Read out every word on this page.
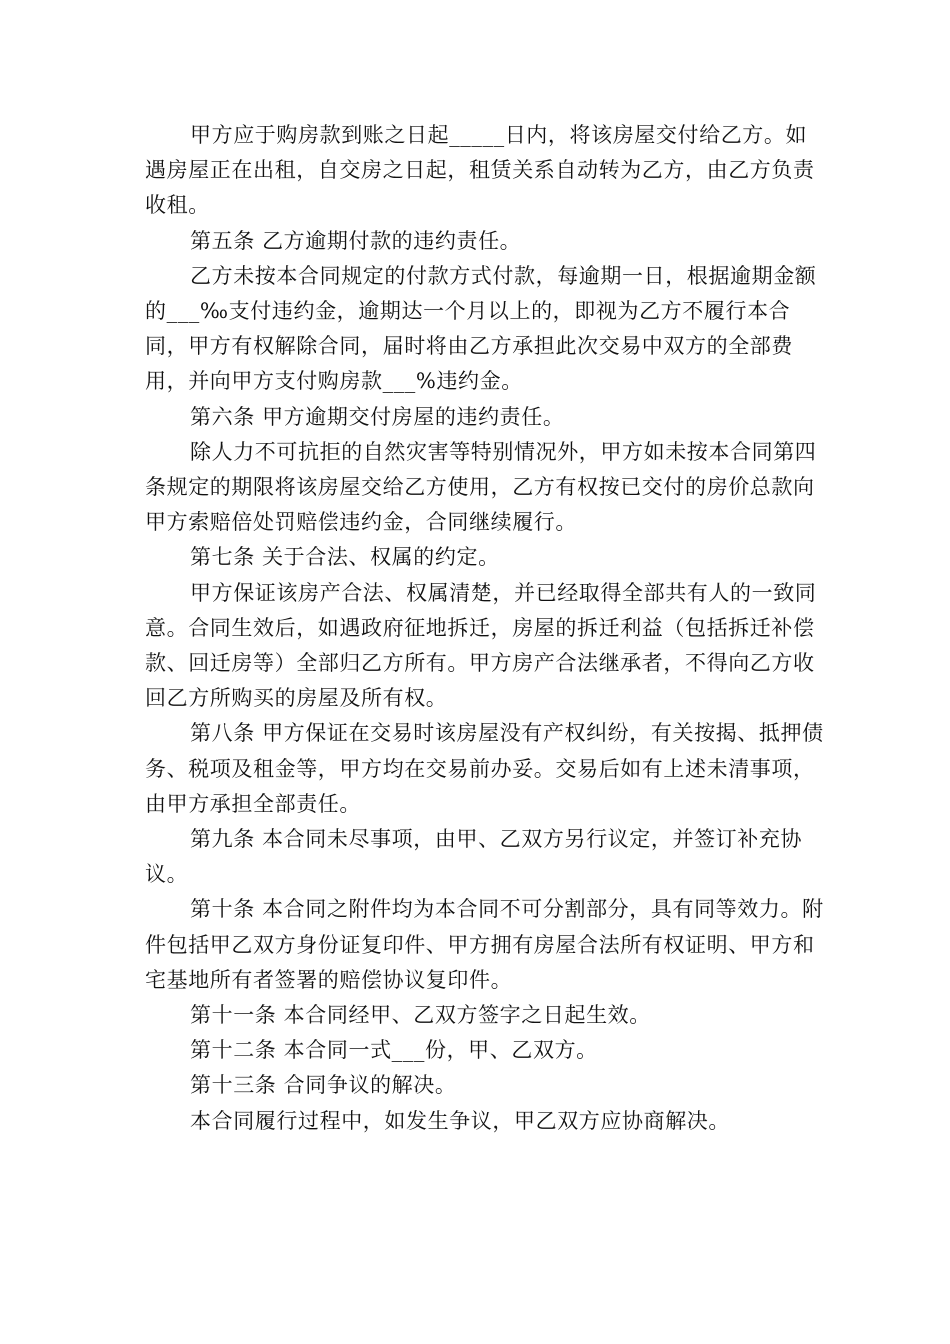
甲方应于购房款到账之日起_____日内，将该房屋交付给乙方。如遇房屋正在出租，自交房之日起，租赁关系自动转为乙方，由乙方负责收租。

第五条 乙方逾期付款的违约责任。

乙方未按本合同规定的付款方式付款，每逾期一日，根据逾期金额的___‰支付违约金，逾期达一个月以上的，即视为乙方不履行本合同，甲方有权解除合同，届时将由乙方承担此次交易中双方的全部费用，并向甲方支付购房款___%违约金。

第六条 甲方逾期交付房屋的违约责任。

除人力不可抗拒的自然灾害等特别情况外，甲方如未按本合同第四条规定的期限将该房屋交给乙方使用，乙方有权按已交付的房价总款向甲方索赔倍处罚赔偿违约金，合同继续履行。

第七条 关于合法、权属的约定。

甲方保证该房产合法、权属清楚，并已经取得全部共有人的一致同意。合同生效后，如遇政府征地拆迁，房屋的拆迁利益（包括拆迁补偿款、回迁房等）全部归乙方所有。甲方房产合法继承者，不得向乙方收回乙方所购买的房屋及所有权。

第八条 甲方保证在交易时该房屋没有产权纠纷，有关按揭、抵押债务、税项及租金等，甲方均在交易前办妥。交易后如有上述未清事项，由甲方承担全部责任。

第九条 本合同未尽事项，由甲、乙双方另行议定，并签订补充协议。

第十条 本合同之附件均为本合同不可分割部分，具有同等效力。附件包括甲乙双方身份证复印件、甲方拥有房屋合法所有权证明、甲方和宅基地所有者签署的赔偿协议复印件。

第十一条 本合同经甲、乙双方签字之日起生效。

第十二条 本合同一式___份，甲、乙双方。

第十三条 合同争议的解决。

本合同履行过程中，如发生争议，甲乙双方应协商解决。
